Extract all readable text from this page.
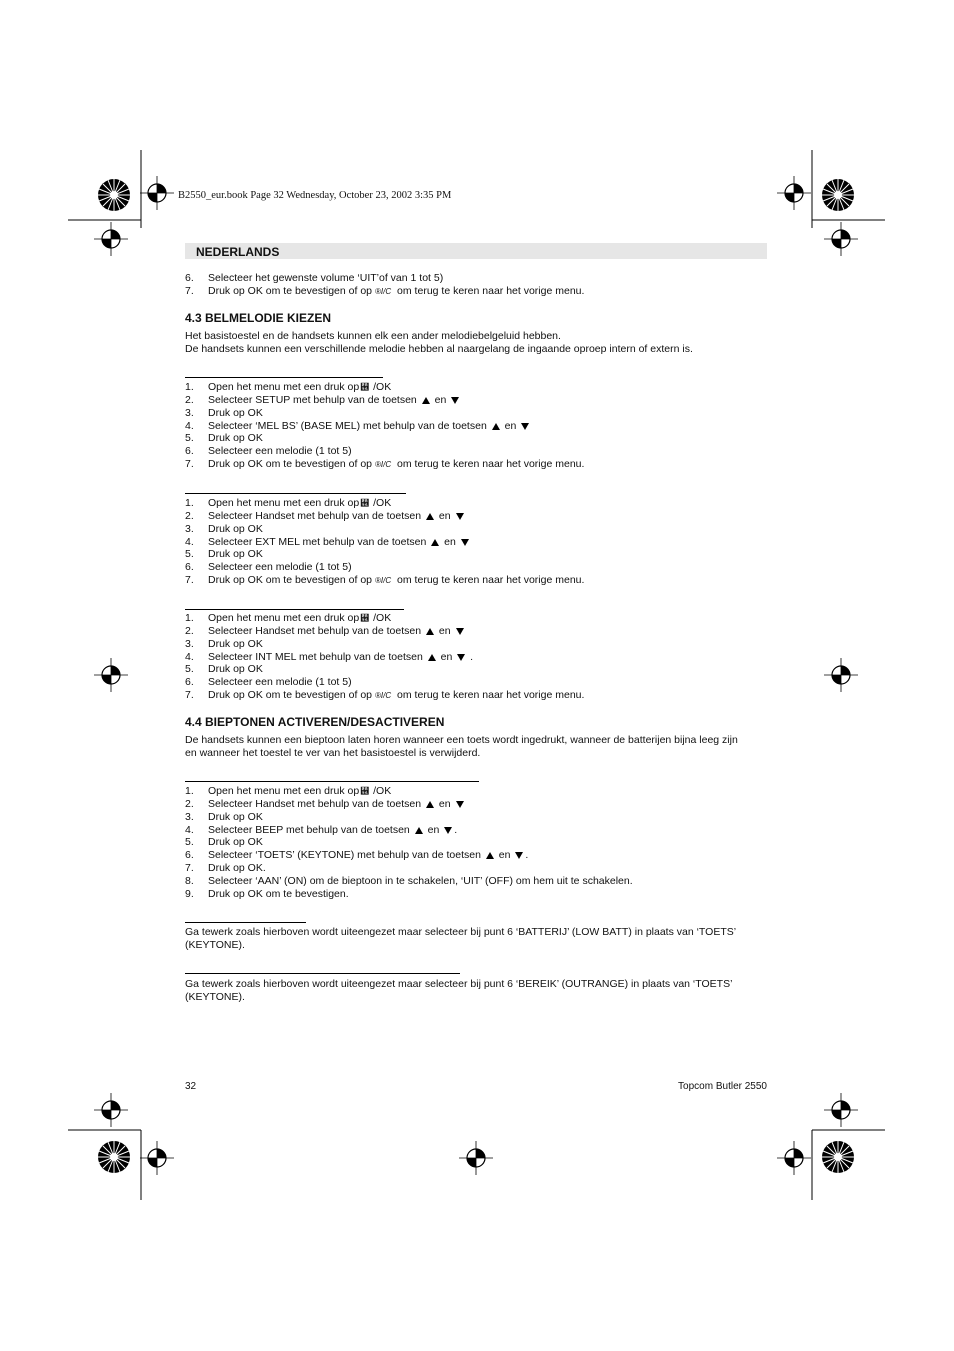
B2550_eur.book Page 32 Wednesday, October 23, 2002 3:35 PM
NEDERLANDS
6. Selecteer het gewenste volume ‘UIT’of van 1 tot 5)
7. Druk op OK om te bevestigen of op ®I/C om terug te keren naar het vorige menu.
4.3 BELMELODIE KIEZEN
Het basistoestel en de handsets kunnen elk een ander melodiebelgeluid hebben.
De handsets kunnen een verschillende melodie hebben al naargelang de ingaande oproep intern of extern is.
1. Open het menu met een druk op⮖ /OK
2. Selecteer SETUP met behulp van de toetsen  en
3. Druk op OK
4. Selecteer ‘MEL BS’ (BASE MEL) met behulp van de toetsen  en
5. Druk op OK
6. Selecteer een melodie (1 tot 5)
7. Druk op OK om te bevestigen of op ®I/C om terug te keren naar het vorige menu.
1. Open het menu met een druk op⮖ /OK
2. Selecteer Handset met behulp van de toetsen  en
3. Druk op OK
4. Selecteer EXT MEL met behulp van de toetsen  en
5. Druk op OK
6. Selecteer een melodie (1 tot 5)
7. Druk op OK om te bevestigen of op ®I/C om terug te keren naar het vorige menu.
1. Open het menu met een druk op⮖ /OK
2. Selecteer Handset met behulp van de toetsen  en
3. Druk op OK
4. Selecteer INT MEL met behulp van de toetsen  en  .
5. Druk op OK
6. Selecteer een melodie (1 tot 5)
7. Druk op OK om te bevestigen of op ®I/C om terug te keren naar het vorige menu.
4.4 BIEPTONEN ACTIVEREN/DESACTIVEREN
De handsets kunnen een bieptoon laten horen wanneer een toets wordt ingedrukt, wanneer de batterijen bijna leeg zijn
en wanneer het toestel te ver van het basistoestel is verwijderd.
1. Open het menu met een druk op⮖ /OK
2. Selecteer Handset met behulp van de toetsen  en
3. Druk op OK
4. Selecteer BEEP met behulp van de toetsen  en .
5. Druk op OK
6. Selecteer ‘TOETS’ (KEYTONE) met behulp van de toetsen  en .
7. Druk op OK.
8. Selecteer ‘AAN’ (ON) om de bieptoon in te schakelen, ‘UIT’ (OFF) om hem uit te schakelen.
9. Druk op OK om te bevestigen.
Ga tewerk zoals hierboven wordt uiteengezet maar selecteer bij punt 6 ‘BATTERIJ’ (LOW BATT) in plaats van ‘TOETS’
(KEYTONE).
Ga tewerk zoals hierboven wordt uiteengezet maar selecteer bij punt 6 ‘BEREIK’ (OUTRANGE) in plaats van ‘TOETS’
(KEYTONE).
32	Topcom Butler 2550
